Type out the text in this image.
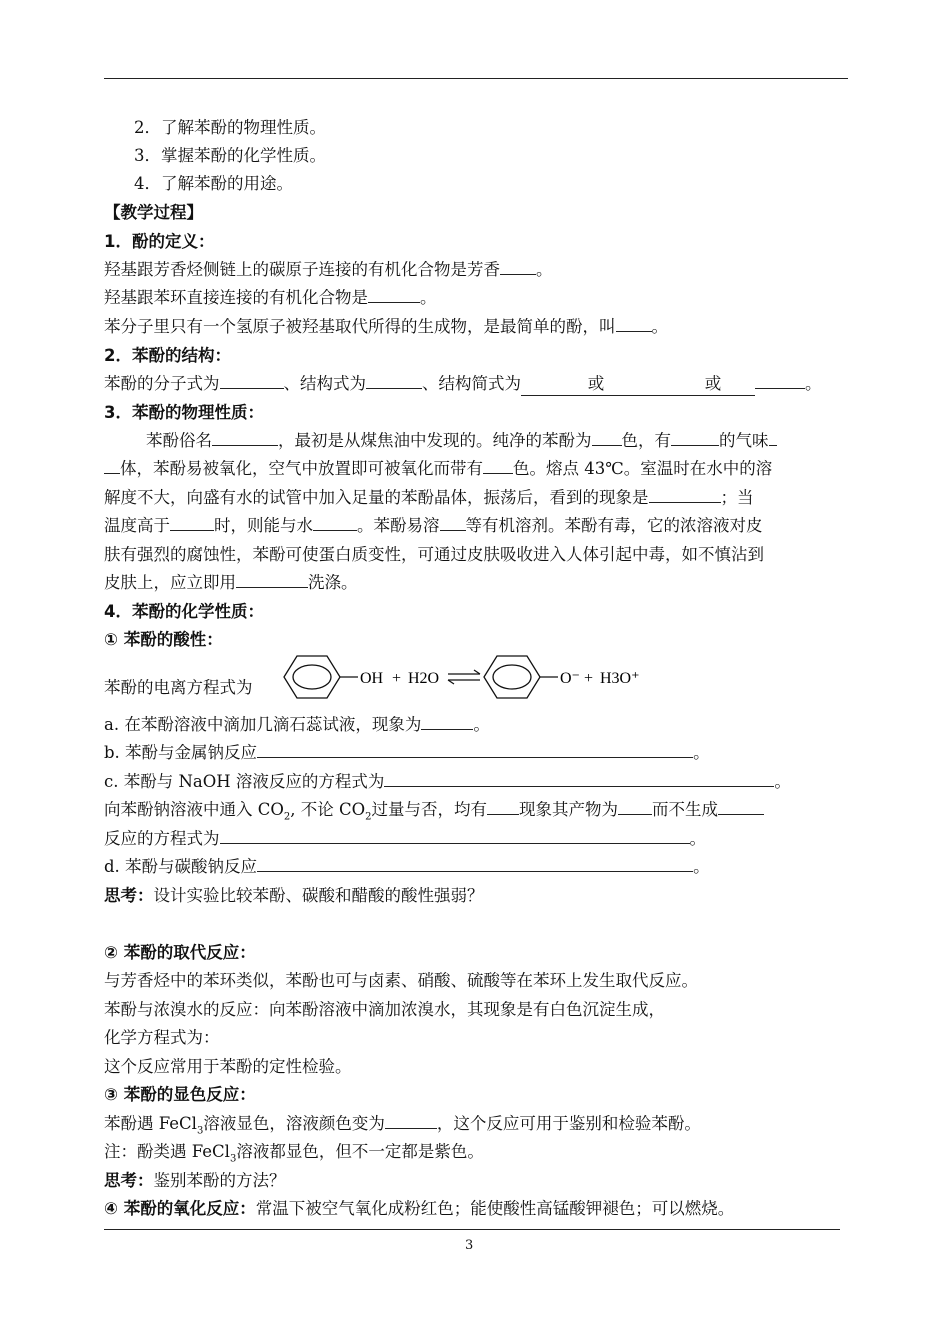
2．了解苯酚的物理性质。
3．掌握苯酚的化学性质。
4．了解苯酚的用途。
【教学过程】
1．酚的定义：
羟基跟芳香烃侧链上的碳原子连接的有机化合物是芳香 。
羟基跟苯环直接连接的有机化合物是	。
苯分子里只有一个氢原子被羟基取代所得的生成物，是最简单的酚，叫 。
2．苯酚的结构：
苯酚的分子式为	、结构式为	、结构简式为	或	或	。
3．苯酚的物理性质：
苯酚俗名	，最初是从煤焦油中发现的。纯净的苯酚为 色，有	的气味
体，苯酚易被氧化，空气中放置即可被氧化而带有 色。熔点 43℃。室温时在水中的溶
解度不大，向盛有水的试管中加入足量的苯酚晶体，振荡后，看到的现象是	；当
温度高于	时，则能与水	。苯酚易溶 等有机溶剂。苯酚有毒，它的浓溶液对皮
肤有强烈的腐蚀性，苯酚可使蛋白质变性，可通过皮肤吸收进入人体引起中毒，如不慎沾到
皮肤上，应立即用	洗涤。
4．苯酚的化学性质：
① 苯酚的酸性：
苯酚的电离方程式为	OH + H2O	O⁻ + H3O⁺
a. 在苯酚溶液中滴加几滴石蕊试液，现象为	。
b. 苯酚与金属钠反应	。
c. 苯酚与 NaOH 溶液反应的方程式为	。
向苯酚钠溶液中通入 $CO_2$, 不论 $CO_2$过量与否，均有 现象其产物为 而不生成
反应的方程式为	。
d. 苯酚与碳酸钠反应	。
思考：设计实验比较苯酚、碳酸和醋酸的酸性强弱？
② 苯酚的取代反应：
与芳香烃中的苯环类似，苯酚也可与卤素、硝酸、硫酸等在苯环上发生取代反应。
苯酚与浓溴水的反应：向苯酚溶液中滴加浓溴水，其现象是有白色沉淀生成，
化学方程式为：
这个反应常用于苯酚的定性检验。
③ 苯酚的显色反应：
苯酚遇 FeCl$_3$溶液显色，溶液颜色变为	，这个反应可用于鉴别和检验苯酚。
注：酚类遇 FeCl$_3$溶液都显色，但不一定都是紫色。
思考：鉴别苯酚的方法？
④ 苯酚的氧化反应：常温下被空气氧化成粉红色；能使酸性高锰酸钾褪色；可以燃烧。
3
